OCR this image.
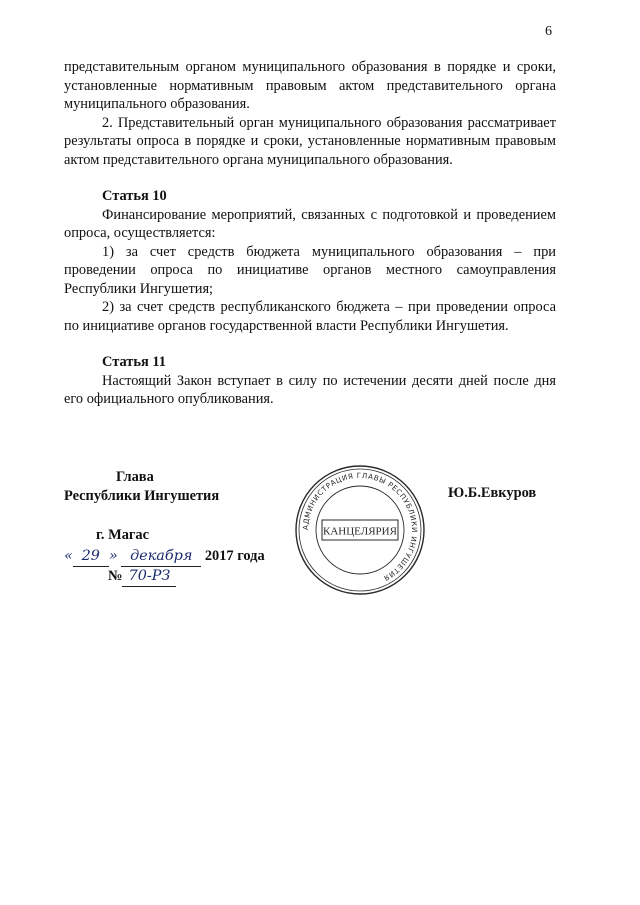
6

представительным органом муниципального образования в порядке и сроки, установленные нормативным правовым актом представительного органа муниципального образования.

2. Представительный орган муниципального образования рассматривает результаты опроса в порядке и сроки, установленные нормативным правовым актом представительного органа муниципального образования.

Статья 10

Финансирование мероприятий, связанных с подготовкой и проведением опроса, осуществляется:

1) за счет средств бюджета муниципального образования – при проведении опроса по инициативе органов местного самоуправления Республики Ингушетия;

2) за счет средств республиканского бюджета – при проведении опроса по инициативе органов государственной власти Республики Ингушетия.

Статья 11

Настоящий Закон вступает в силу по истечении десяти дней после дня его официального опубликования.

Глава
Республики Ингушетия
г. Магас
« 29 » декабря 2017 года
№ 70-РЗ
АДМИНИСТРАЦИЯ ГЛАВЫ РЕСПУБЛИКИ ИНГУШЕТИЯ
КАНЦЕЛЯРИЯ
Ю.Б.Евкуров
